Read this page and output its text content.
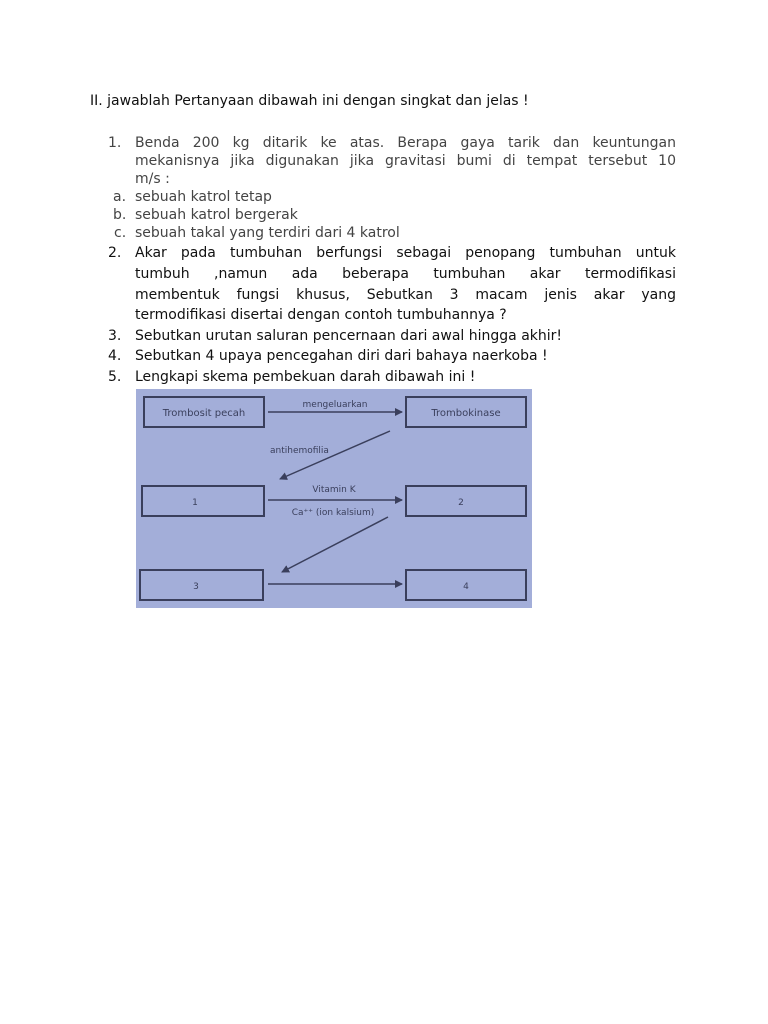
II. jawablah Pertanyaan dibawah ini dengan singkat dan jelas !
1. Benda 200 kg ditarik ke atas. Berapa gaya tarik dan keuntungan
mekanisnya jika digunakan jika gravitasi bumi di tempat tersebut 10
m/s :
a. sebuah katrol tetap
b. sebuah katrol bergerak
c. sebuah takal yang terdiri dari 4 katrol
2. Akar pada tumbuhan berfungsi sebagai penopang tumbuhan untuk
tumbuh ,namun ada beberapa tumbuhan akar termodifikasi
membentuk fungsi khusus, Sebutkan 3 macam jenis akar yang
termodifikasi disertai dengan contoh tumbuhannya ?
3. Sebutkan urutan saluran pencernaan dari awal hingga akhir!
4. Sebutkan 4 upaya pencegahan diri dari bahaya naerkoba !
5. Lengkapi skema pembekuan darah dibawah ini !
Trombosit pecah	Trombokinase
1	2
3	4
mengeluarkan
antihemofilia
Vitamin K
Ca⁺⁺ (ion kalsium)
